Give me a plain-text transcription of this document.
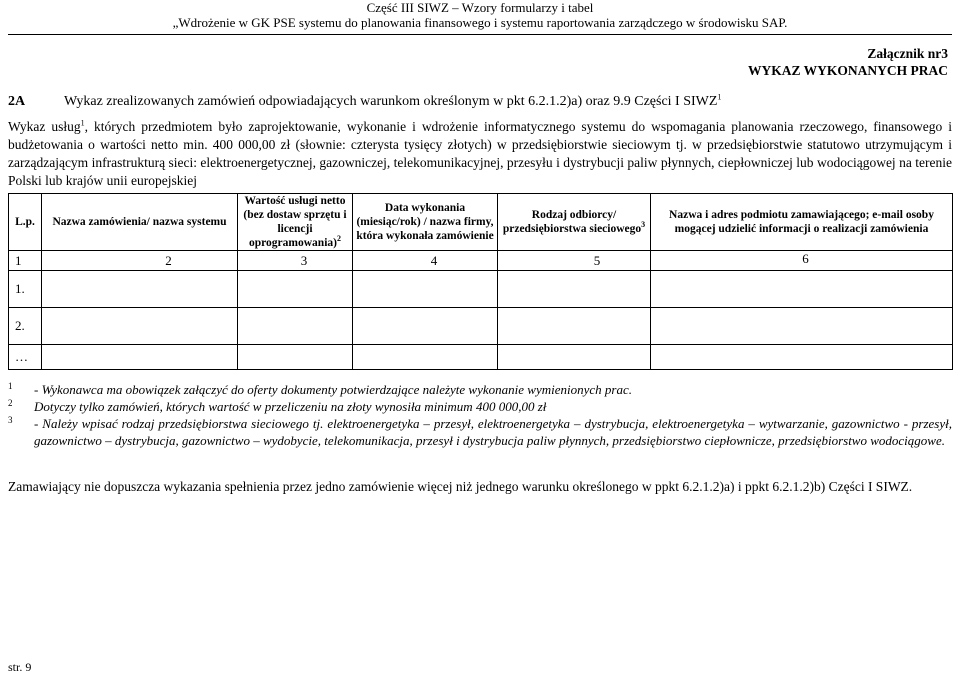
Część III SIWZ – Wzory formularzy i tabel
„Wdrożenie w GK PSE systemu do planowania finansowego i systemu raportowania zarządczego w środowisku SAP.
Załącznik nr3
WYKAZ WYKONANYCH PRAC
2A	Wykaz zrealizowanych zamówień odpowiadających warunkom określonym w pkt 6.2.1.2)a) oraz 9.9 Części I SIWZ$^1$
Wykaz usług$^1$, których przedmiotem było zaprojektowanie, wykonanie i wdrożenie informatycznego systemu do wspomagania planowania rzeczowego, finansowego i budżetowania o wartości netto min. 400 000,00 zł (słownie: czterysta tysięcy złotych) w przedsiębiorstwie sieciowym tj. w przedsiębiorstwie statutowo utrzymującym i zarządzającym infrastrukturą sieci: elektroenergetycznej, gazowniczej, telekomunikacyjnej, przesyłu i dystrybucji paliw płynnych, ciepłowniczej lub wodociągowej na terenie Polski lub krajów unii europejskiej
L.p.	Nazwa zamówienia/ nazwa systemu	Wartość usługi netto (bez dostaw sprzętu i licencji oprogramowania)$^2$	Data wykonania (miesiąc/rok) / nazwa firmy, która wykonała zamówienie	Rodzaj odbiorcy/ przedsiębiorstwa sieciowego$^3$	Nazwa i adres podmiotu zamawiającego; e-mail osoby mogącej udzielić informacji o realizacji zamówienia
1	2	3	4	5	6
1.					
2.					
…					
1 - Wykonawca ma obowiązek załączyć do oferty dokumenty potwierdzające należyte wykonanie wymienionych prac.
2 Dotyczy tylko zamówień, których wartość w przeliczeniu na złoty wynosiła minimum 400 000,00 zł
3 - Należy wpisać rodzaj przedsiębiorstwa sieciowego tj. elektroenergetyka – przesył, elektroenergetyka – dystrybucja, elektroenergetyka – wytwarzanie, gazownictwo - przesył, gazownictwo – dystrybucja, gazownictwo – wydobycie, telekomunikacja, przesył i dystrybucja paliw płynnych, przedsiębiorstwo ciepłownicze, przedsiębiorstwo wodociągowe.
Zamawiający nie dopuszcza wykazania spełnienia przez jedno zamówienie więcej niż jednego warunku określonego w ppkt 6.2.1.2)a) i ppkt 6.2.1.2)b) Części I SIWZ.
str. 9
